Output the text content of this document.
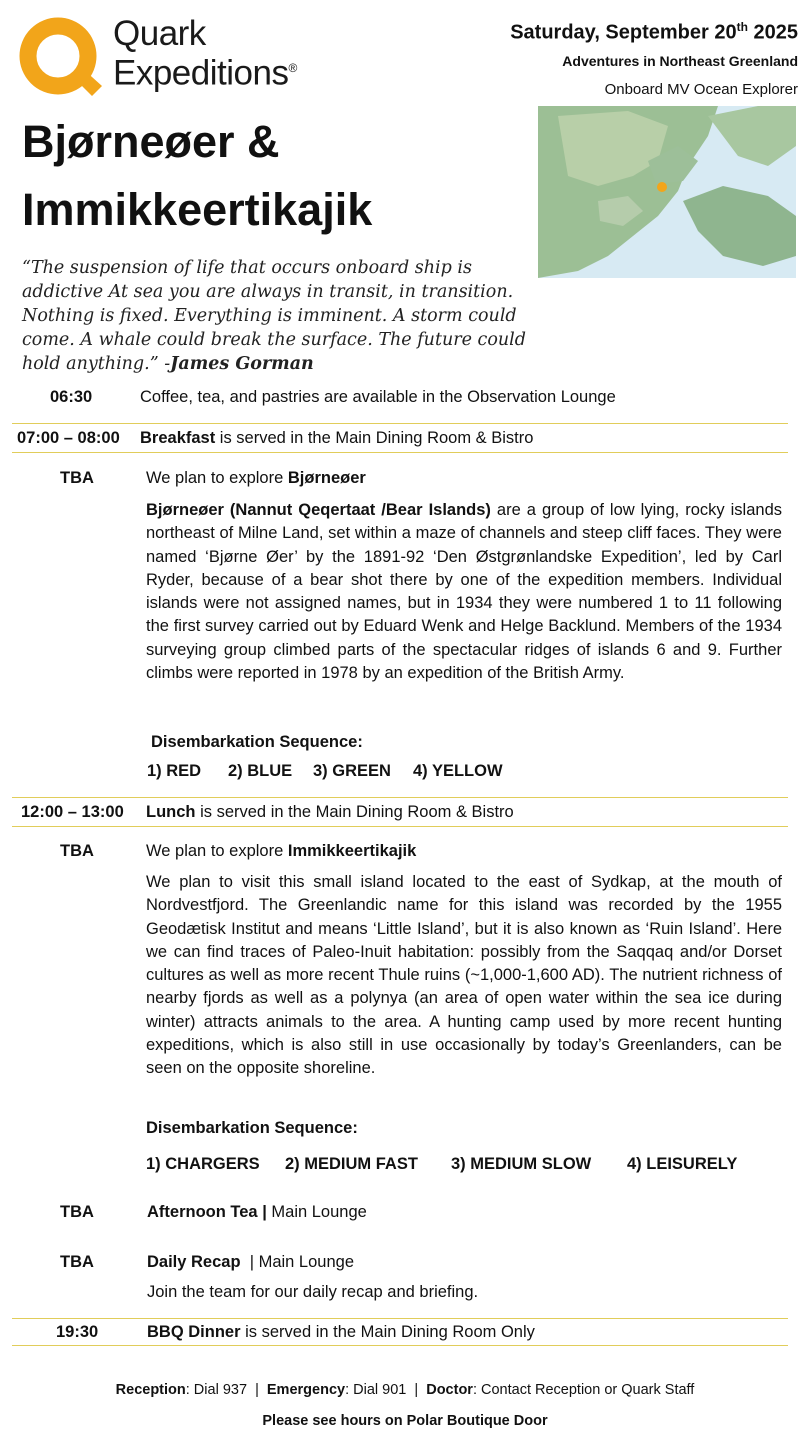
Quark
Expeditions®
Saturday, September 20th 2025
Adventures in Northeast Greenland
Onboard MV Ocean Explorer
Bjørneøer &
Immikkeertikajik
“The suspension of life that occurs onboard ship is addictive At sea you are always in transit, in transition. Nothing is fixed. Everything is imminent. A storm could come. A whale could break the surface. The future could hold anything.” -James Gorman
06:30	Coffee, tea, and pastries are available in the Observation Lounge
07:00 – 08:00 Breakfast is served in the Main Dining Room & Bistro
TBA	We plan to explore Bjørneøer
Bjørneøer (Nannut Qeqertaat /Bear Islands) are a group of low lying, rocky islands northeast of Milne Land, set within a maze of channels and steep cliff faces. They were named ‘Bjørne Øer’ by the 1891-92 ‘Den Østgrønlandske Expedition’, led by Carl Ryder, because of a bear shot there by one of the expedition members. Individual islands were not assigned names, but in 1934 they were numbered 1 to 11 following the first survey carried out by Eduard Wenk and Helge Backlund. Members of the 1934 surveying group climbed parts of the spectacular ridges of islands 6 and 9. Further climbs were reported in 1978 by an expedition of the British Army.
Disembarkation Sequence:
1) RED 2) BLUE 3) GREEN 4) YELLOW
12:00 – 13:00 Lunch is served in the Main Dining Room & Bistro
TBA	We plan to explore Immikkeertikajik
We plan to visit this small island located to the east of Sydkap, at the mouth of Nordvestfjord. The Greenlandic name for this island was recorded by the 1955 Geodætisk Institut and means ‘Little Island’, but it is also known as ‘Ruin Island’. Here we can find traces of Paleo-Inuit habitation: possibly from the Saqqaq and/or Dorset cultures as well as more recent Thule ruins (~1,000-1,600 AD). The nutrient richness of nearby fjords as well as a polynya (an area of open water within the sea ice during winter) attracts animals to the area. A hunting camp used by more recent hunting expeditions, which is also still in use occasionally by today’s Greenlanders, can be seen on the opposite shoreline.
Disembarkation Sequence:
1) CHARGERS 2) MEDIUM FAST 3) MEDIUM SLOW 4) LEISURELY
TBA	Afternoon Tea | Main Lounge
TBA	Daily Recap  | Main Lounge
Join the team for our daily recap and briefing.
19:30	BBQ Dinner is served in the Main Dining Room Only
Reception: Dial 937  |  Emergency: Dial 901  |  Doctor: Contact Reception or Quark Staff
Please see hours on Polar Boutique Door
